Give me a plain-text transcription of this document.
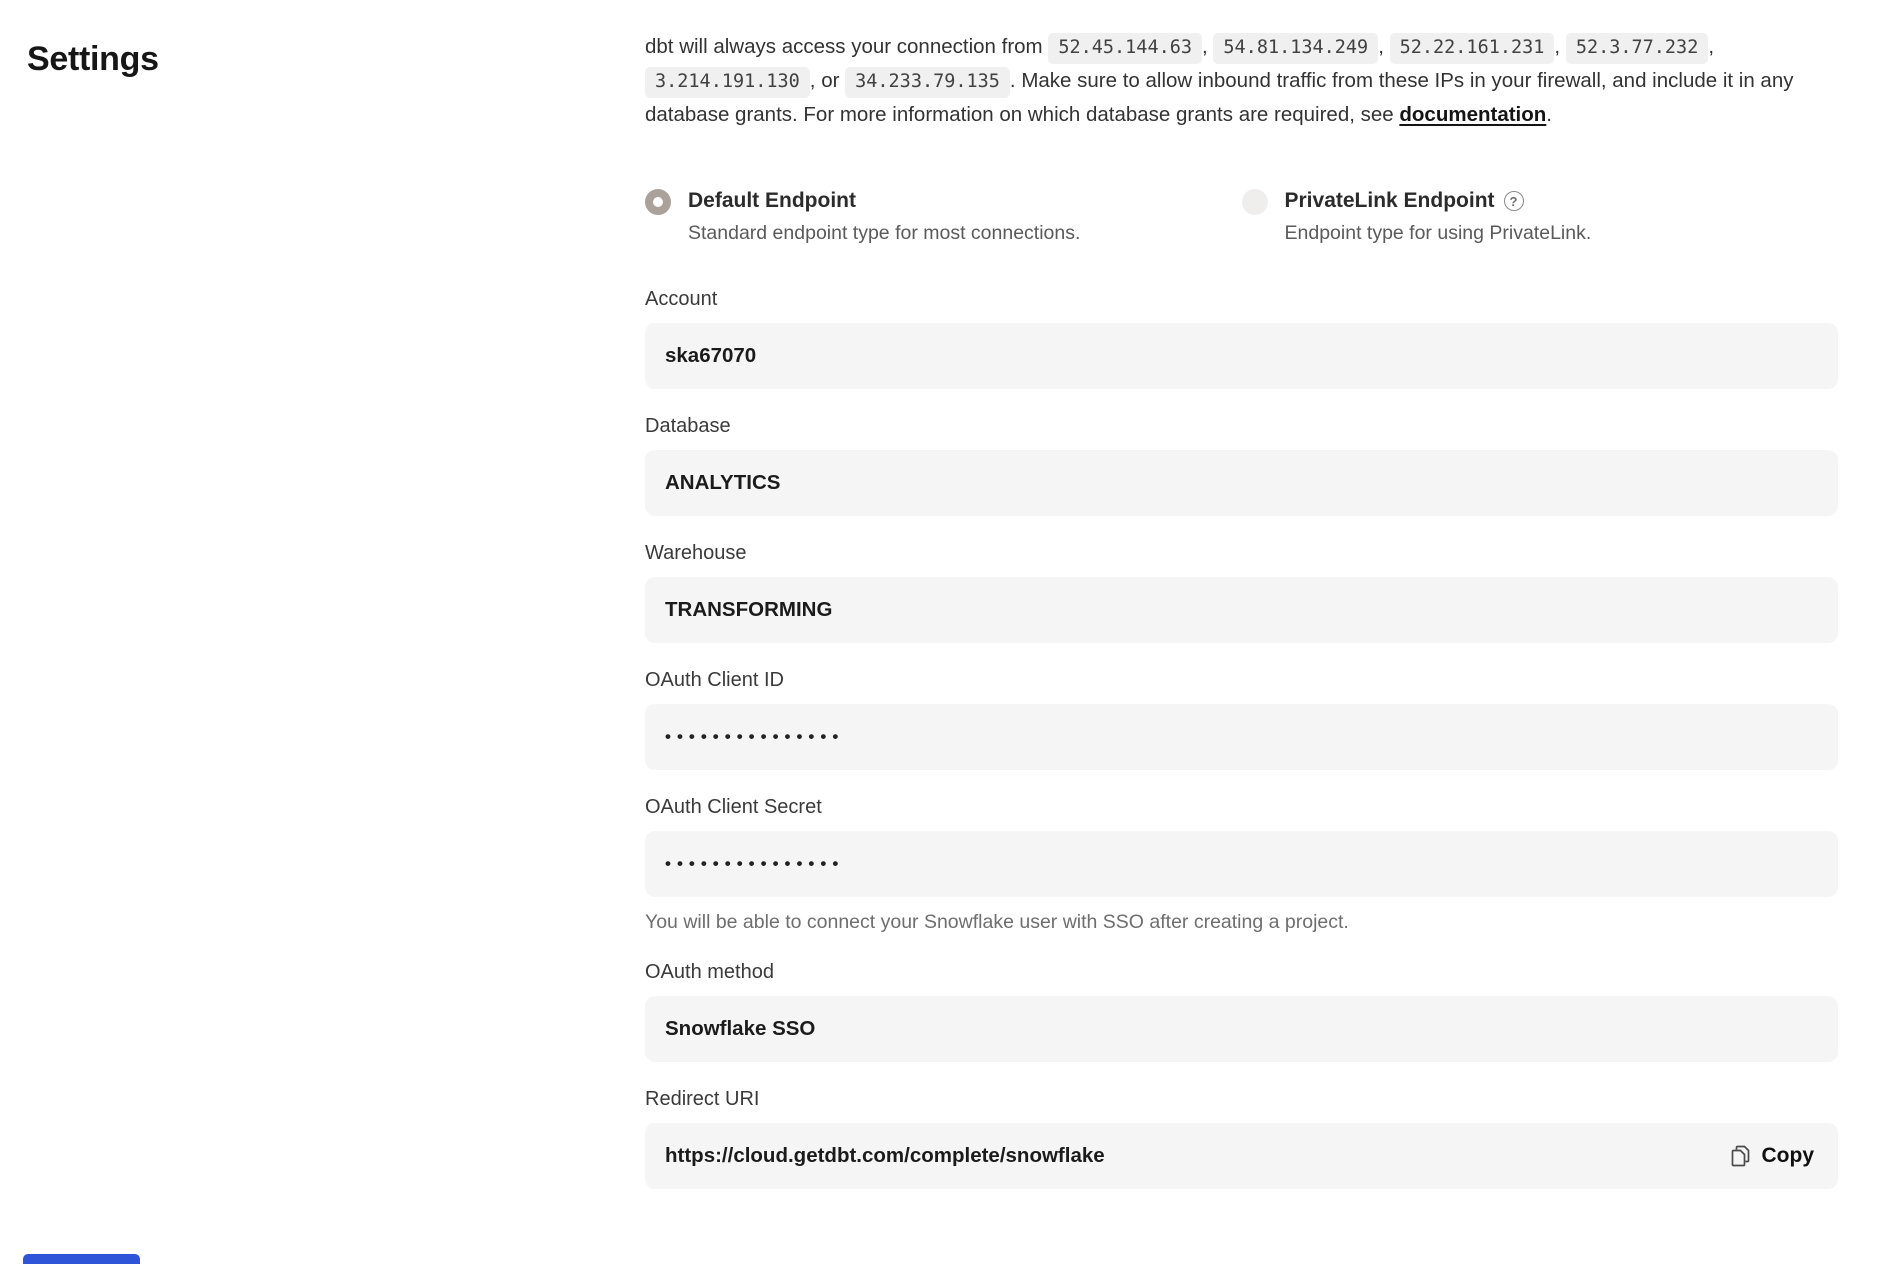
Settings	dbt will always access your connection from 52.45.144.63 , 54.81.134.249 , 52.22.161.231 , 52.3.77.232 , 3.214.191.130 , or 34.233.79.135 . Make sure to allow inbound traffic from these IPs in your firewall, and include it in any database grants. For more information on which database grants are required, see documentation.

Default Endpoint
Standard endpoint type for most connections.
PrivateLink Endpoint	?
Endpoint type for using PrivateLink.
Account
ska67070
Database
ANALYTICS
Warehouse
TRANSFORMING
OAuth Client ID
•••••••••••••••
OAuth Client Secret
•••••••••••••••

You will be able to connect your Snowflake user with SSO after creating a project.

OAuth method
Snowflake SSO
Redirect URI
https://cloud.getdbt.com/complete/snowflake	Copy
